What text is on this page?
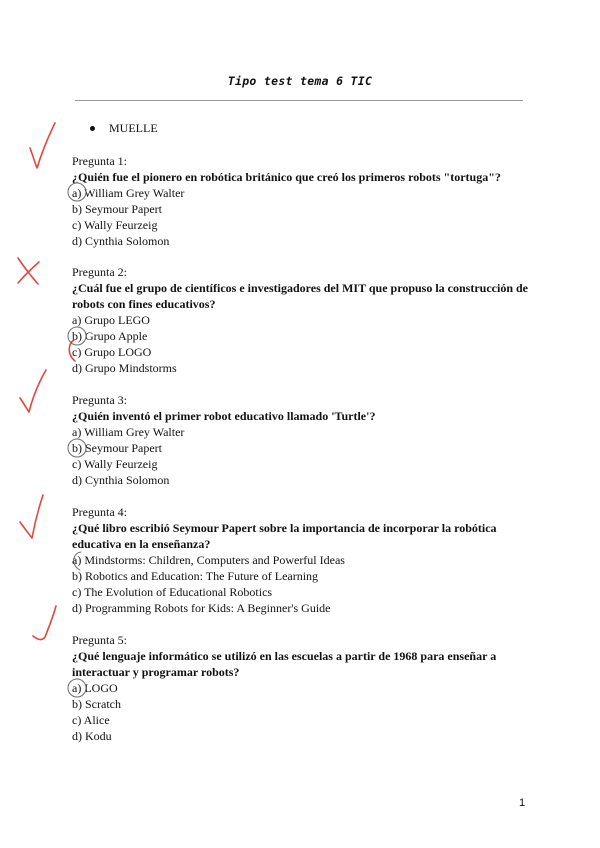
Tipo test tema 6 TIC
MUELLE

Pregunta 1:

¿Quién fue el pionero en robótica británico que creó los primeros robots "tortuga"?

a) William Grey Walter
b) Seymour Papert
c) Wally Feurzeig
d) Cynthia Solomon

Pregunta 2:

¿Cuál fue el grupo de científicos e investigadores del MIT que propuso la construcción de robots con fines educativos?

a) Grupo LEGO
b) Grupo Apple
c) Grupo LOGO
d) Grupo Mindstorms

Pregunta 3:

¿Quién inventó el primer robot educativo llamado 'Turtle'?

a) William Grey Walter
b) Seymour Papert
c) Wally Feurzeig
d) Cynthia Solomon

Pregunta 4:

¿Qué libro escribió Seymour Papert sobre la importancia de incorporar la robótica educativa en la enseñanza?

a) Mindstorms: Children, Computers and Powerful Ideas
b) Robotics and Education: The Future of Learning
c) The Evolution of Educational Robotics
d) Programming Robots for Kids: A Beginner's Guide

Pregunta 5:

¿Qué lenguaje informático se utilizó en las escuelas a partir de 1968 para enseñar a interactuar y programar robots?

a) LOGO
b) Scratch
c) Alice
d) Kodu
1
